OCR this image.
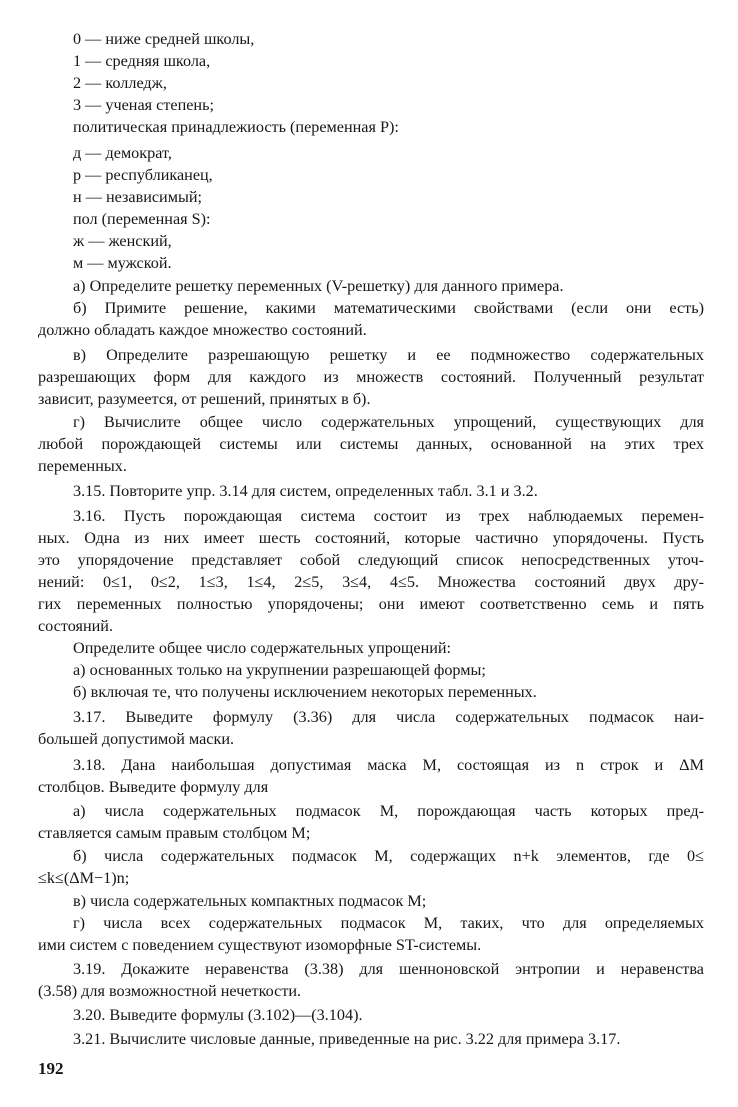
0 — ниже средней школы,
1 — средняя школа,
2 — колледж,
3 — ученая степень;
политическая принадлежиость (переменная P):
д — демократ,
р — республиканец,
н — независимый;
пол (переменная S):
ж — женский,
м — мужской.
а) Определите решетку переменных (V-решетку) для данного примера.
б) Примите решение, какими математическими свойствами (если они есть)
должно обладать каждое множество состояний.
в) Определите разрешающую решетку и ее подмножество содержательных
разрешающих форм для каждого из множеств состояний. Полученный результат
зависит, разумеется, от решений, принятых в б).
г) Вычислите общее число содержательных упрощений, существующих для
любой порождающей системы или системы данных, основанной на этих трех
переменных.
3.15. Повторите упр. 3.14 для систем, определенных табл. 3.1 и 3.2.
3.16. Пусть порождающая система состоит из трех наблюдаемых перемен-
ных. Одна из них имеет шесть состояний, которые частично упорядочены. Пусть
это упорядочение представляет собой следующий список непосредственных уточ-
нений: 0≤1, 0≤2, 1≤3, 1≤4, 2≤5, 3≤4, 4≤5. Множества состояний двух дру-
гих переменных полностью упорядочены; они имеют соответственно семь и пять
состояний.
Определите общее число содержательных упрощений:
а) основанных только на укрупнении разрешающей формы;
б) включая те, что получены исключением некоторых переменных.
3.17. Выведите формулу (3.36) для числа содержательных подмасок наи-
большей допустимой маски.
3.18. Дана наибольшая допустимая маска M, состоящая из n строк и ΔM
столбцов. Выведите формулу для
а) числа содержательных подмасок M, порождающая часть которых пред-
ставляется самым правым столбцом M;
б) числа содержательных подмасок M, содержащих n+k элементов, где 0≤
≤k≤(ΔM−1)n;
в) числа содержательных компактных подмасок M;
г) числа всех содержательных подмасок M, таких, что для определяемых
ими систем с поведением существуют изоморфные ST-системы.
3.19. Докажите неравенства (3.38) для шенноновской энтропии и неравенства
(3.58) для возможностной нечеткости.
3.20. Выведите формулы (3.102)—(3.104).
3.21. Вычислите числовые данные, приведенные на рис. 3.22 для примера 3.17.
192
